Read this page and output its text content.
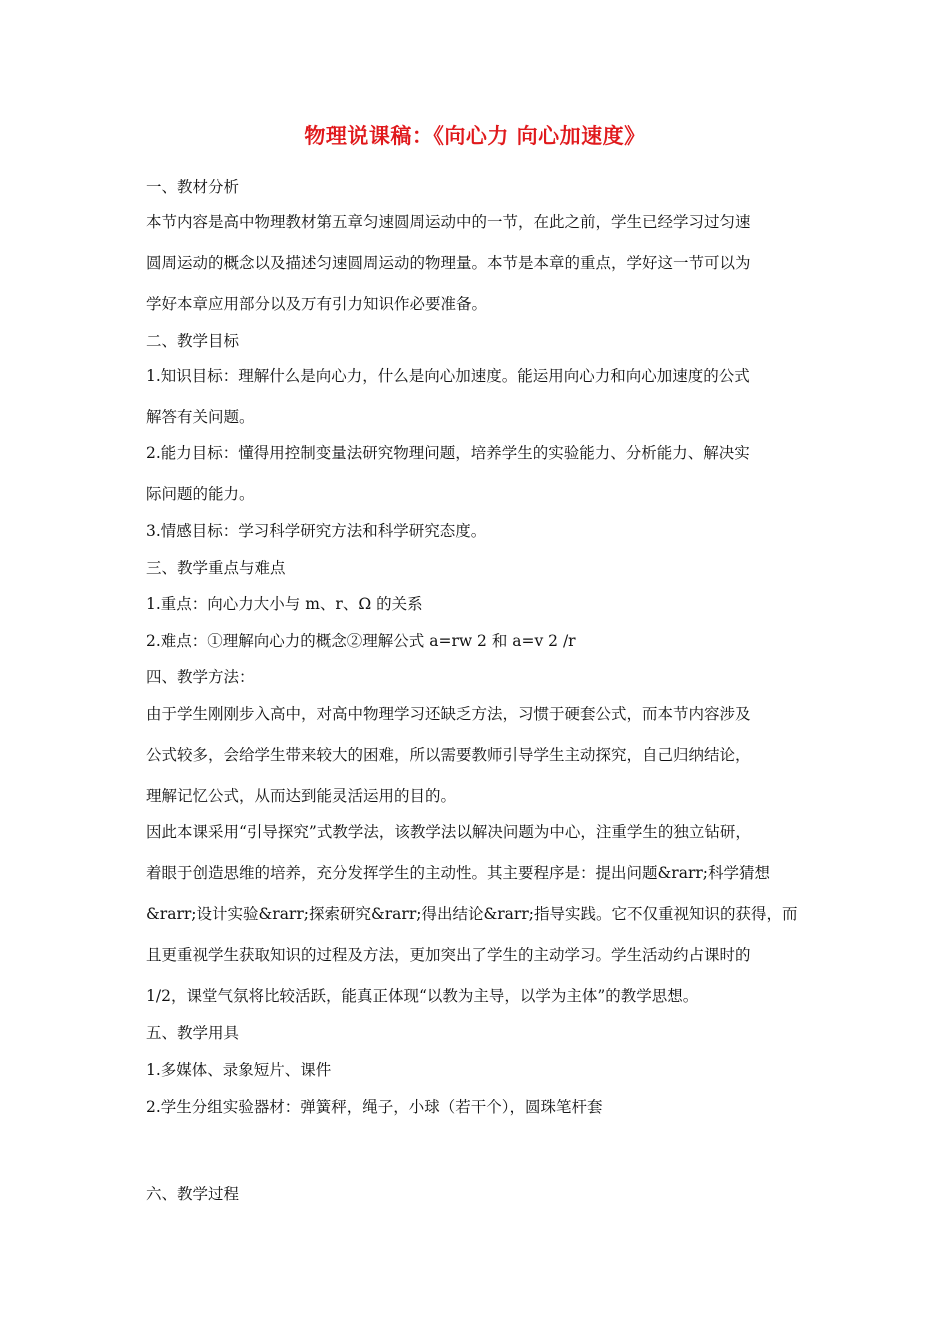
物理说课稿：《向心力 向心加速度》
一、教材分析
本节内容是高中物理教材第五章匀速圆周运动中的一节，在此之前，学生已经学习过匀速
圆周运动的概念以及描述匀速圆周运动的物理量。本节是本章的重点，学好这一节可以为
学好本章应用部分以及万有引力知识作必要准备。
二、教学目标
1.知识目标：理解什么是向心力，什么是向心加速度。能运用向心力和向心加速度的公式
解答有关问题。
2.能力目标：懂得用控制变量法研究物理问题，培养学生的实验能力、分析能力、解决实
际问题的能力。
3.情感目标：学习科学研究方法和科学研究态度。
三、教学重点与难点
1.重点：向心力大小与 m、r、Ω 的关系
2.难点：①理解向心力的概念②理解公式 a=rw 2 和 a=v 2 /r
四、教学方法：
由于学生刚刚步入高中，对高中物理学习还缺乏方法，习惯于硬套公式，而本节内容涉及
公式较多，会给学生带来较大的困难，所以需要教师引导学生主动探究，自己归纳结论，
理解记忆公式，从而达到能灵活运用的目的。
因此本课采用“引导探究”式教学法，该教学法以解决问题为中心，注重学生的独立钻研，
着眼于创造思维的培养，充分发挥学生的主动性。其主要程序是：提出问题&rarr;科学猜想
&rarr;设计实验&rarr;探索研究&rarr;得出结论&rarr;指导实践。它不仅重视知识的获得，而
且更重视学生获取知识的过程及方法，更加突出了学生的主动学习。学生活动约占课时的
1/2，课堂气氛将比较活跃，能真正体现“以教为主导，以学为主体”的教学思想。
五、教学用具
1.多媒体、录象短片、课件
2.学生分组实验器材：弹簧秤，绳子，小球（若干个），圆珠笔杆套
六、教学过程
